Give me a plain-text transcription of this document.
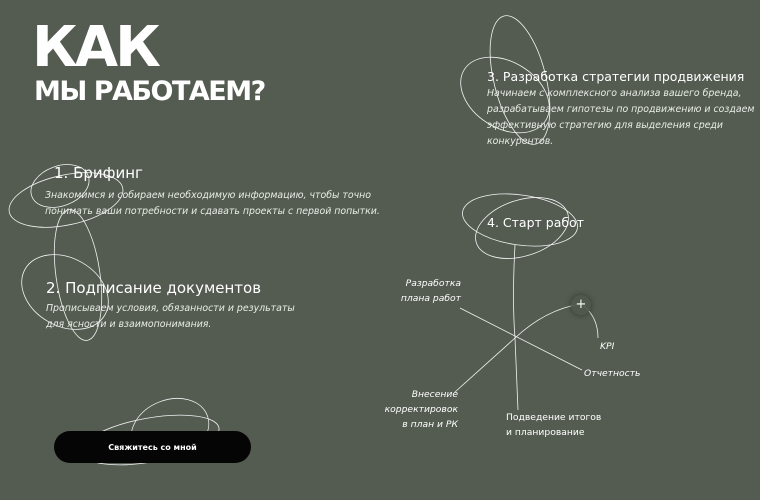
КАК
МЫ РАБОТАЕМ?

1. Брифинг

Знакомимся и собираем необходимую информацию, чтобы точно
понимать ваши потребности и сдавать проекты с первой попытки.

2. Подписание документов

Прописываем условия, обязанности и результаты
для ясности и взаимопонимания.

3. Разработка стратегии продвижения

Начинаем с комплексного анализа вашего бренда,
разрабатываем гипотезы по продвижению и создаем
эффективную стратегию для выделения среди
конкурентов.

4. Старт работ

Разработка
плана работ
KPI
Отчетность
Внесение
корректировок
в план и РК
Подведение итогов
и планирование
+
Свяжитесь со мной
